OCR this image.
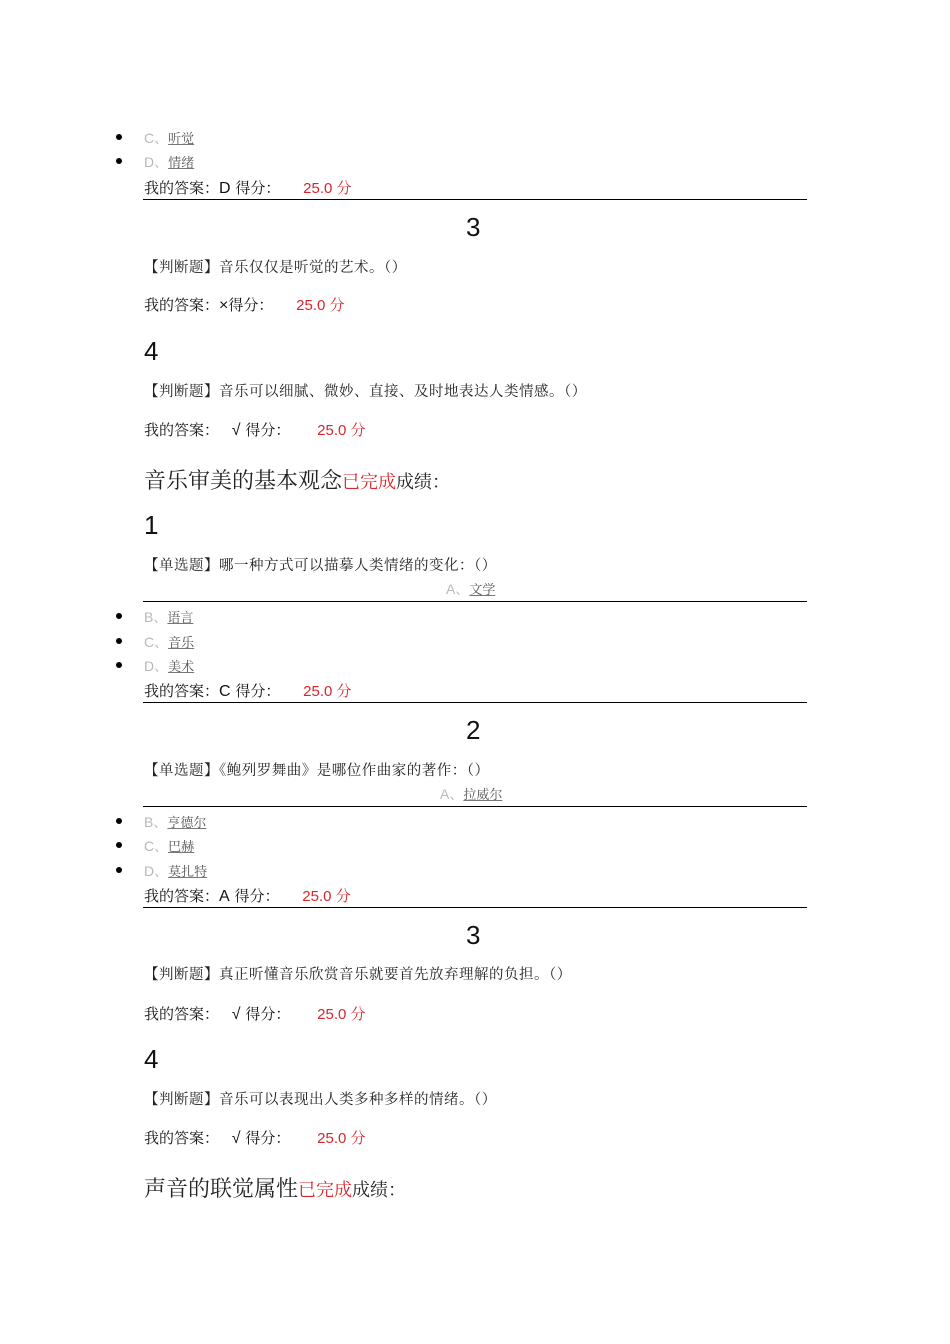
C、听觉
D、情绪
我的答案：D 得分： 25.0 分
3
【判断题】音乐仅仅是听觉的艺术。（）
我的答案：×得分： 25.0 分
4
【判断题】音乐可以细腻、微妙、直接、及时地表达人类情感。（）
我的答案： √ 得分： 25.0 分
音乐审美的基本观念已完成成绩：
1
【单选题】哪一种方式可以描摹人类情绪的变化：（）
A、文学
B、语言
C、音乐
D、美术
我的答案：C 得分： 25.0 分
2
【单选题】《鲍列罗舞曲》是哪位作曲家的著作：（）
A、拉威尔
B、亨德尔
C、巴赫
D、莫扎特
我的答案：A 得分： 25.0 分
3
【判断题】真正听懂音乐欣赏音乐就要首先放弃理解的负担。（）
我的答案： √ 得分： 25.0 分
4
【判断题】音乐可以表现出人类多种多样的情绪。（）
我的答案： √ 得分： 25.0 分
声音的联觉属性已完成成绩：
